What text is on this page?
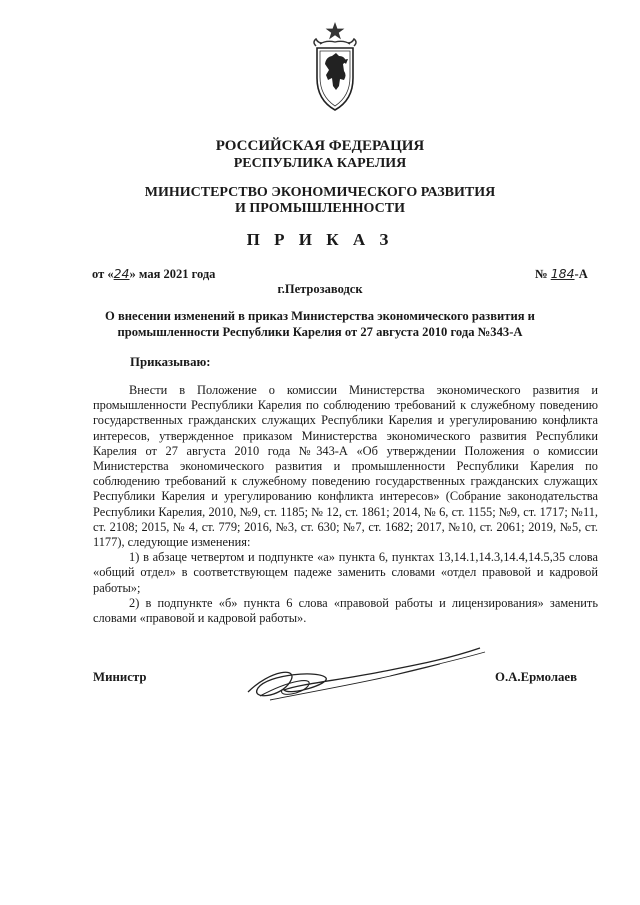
РОССИЙСКАЯ ФЕДЕРАЦИЯ
РЕСПУБЛИКА КАРЕЛИЯ
МИНИСТЕРСТВО ЭКОНОМИЧЕСКОГО РАЗВИТИЯ
И ПРОМЫШЛЕННОСТИ
П Р И К А З
от «24» мая 2021 года	№ 184-А
г.Петрозаводск
О внесении изменений в приказ Министерства экономического развития и
промышленности Республики Карелия от 27 августа 2010 года №343-А
Приказываю:

Внести в Положение о комиссии Министерства экономического развития и промышленности Республики Карелия по соблюдению требований к служебному поведению государственных гражданских служащих Республики Карелия и урегулированию конфликта интересов, утвержденное приказом Министерства экономического развития Республики Карелия от 27 августа 2010 года №343-А «Об утверждении Положения о комиссии Министерства экономического развития и промышленности Республики Карелия по соблюдению требований к служебному поведению государственных гражданских служащих Республики Карелия и урегулированию конфликта интересов» (Собрание законодательства Республики Карелия, 2010, №9, ст. 1185; № 12, ст. 1861; 2014, № 6, ст. 1155; №9, ст. 1717; №11, ст. 2108; 2015, № 4, ст. 779; 2016, №3, ст. 630; №7, ст. 1682; 2017, №10, ст. 2061; 2019, №5, ст. 1177), следующие изменения:

1) в абзаце четвертом и подпункте «а» пункта 6, пунктах 13,14.1,14.3,14.4,14.5,35 слова «общий отдел» в соответствующем падеже заменить словами «отдел правовой и кадровой работы»;

2) в подпункте «б» пункта 6 слова «правовой работы и лицензирования» заменить словами «правовой и кадровой работы».

Министр	О.А.Ермолаев
